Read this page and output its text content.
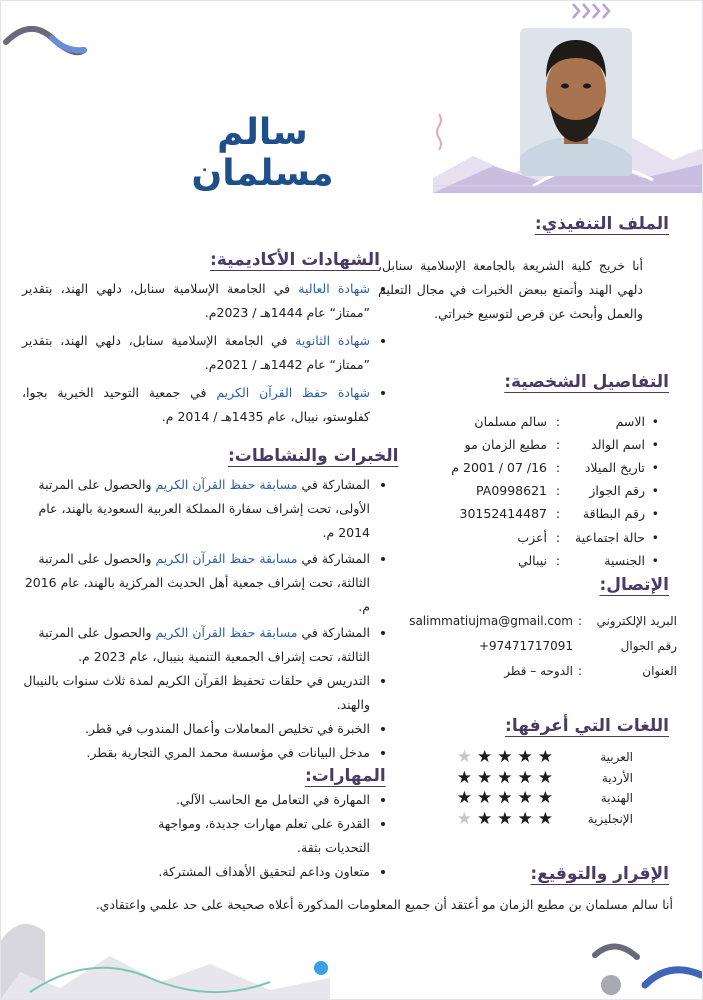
سالم مسلمان
الملف التنفيذي:
أنا خريج كلية الشريعة بالجامعة الإسلامية سنابل، دلهي الهند وأتمتع ببعض الخبرات في مجال التعليم والعمل وأبحث عن فرص لتوسيع خبراتي.
التفاصيل الشخصية:
•
الاسم
:
سالم مسلمان
•
اسم الوالد
:
مطيع الزمان مو
•
تاريخ الميلاد
:
16/ 07 / 2001 م
•
رقم الجواز
:
PA0998621
•
رقم البطاقة
:
30152414487
•
حالة اجتماعية
:
أعزب
•
الجنسية
:
نيبالي
الإتصال:
البريد الإلكتروني
:
salimmatiujma@gmail.com
رقم الجوال
+97471717091
العنوان
:
الدوحه – قطر
اللغات التي أعرفها:
العربية
★
★
★
★
★
الأردية
★
★
★
★
★
الهندية
★
★
★
★
★
الإنجليزية
★
★
★
★
★
الشهادات الأكاديمية:
• شهادة العالية في الجامعة الإسلامية سنابل، دلهي الهند، بتقدير ”ممتاز“ عام 1444هـ / 2023م.
• شهادة الثانوية في الجامعة الإسلامية سنابل، دلهي الهند، بتقدير ”ممتاز“ عام 1442هـ / 2021م.
• شهادة حفظ القرآن الكريم في جمعية التوحيد الخيرية بجوا، كفلوستو، نيبال، عام 1435هـ / 2014 م.
الخبرات والنشاطات:
• المشاركة في مسابقة حفظ القرآن الكريم والحصول على المرتبة الأولى، تحت إشراف سفارة المملكة العربية السعودية بالهند، عام 2014 م.
• المشاركة في مسابقة حفظ القرآن الكريم والحصول على المرتبة الثالثة، تحت إشراف جمعية أهل الحديث المركزية بالهند، عام 2016 م.
• المشاركة في مسابقة حفظ القرآن الكريم والحصول على المرتبة الثالثة، تحت إشراف الجمعية التنمية بنيبال، عام 2023 م.
• التدريس في حلقات تحفيظ القرآن الكريم لمدة ثلاث سنوات بالنيبال والهند.
• الخبرة في تخليص المعاملات وأعمال المندوب في قطر.
• مدخل البيانات في مؤسسة محمد المري التجارية بقطر.
المهارات:
• المهارة في التعامل مع الحاسب الآلي.
• القدرة على تعلم مهارات جديدة، ومواجهة التحديات بثقة.
• متعاون وداعم لتحقيق الأهداف المشتركة.	الإقرار والتوقيع:
أنا سالم مسلمان بن مطيع الزمان مو أعتقد أن جميع المعلومات المذكورة أعلاه صحيحة على حد علمي واعتقادي.
